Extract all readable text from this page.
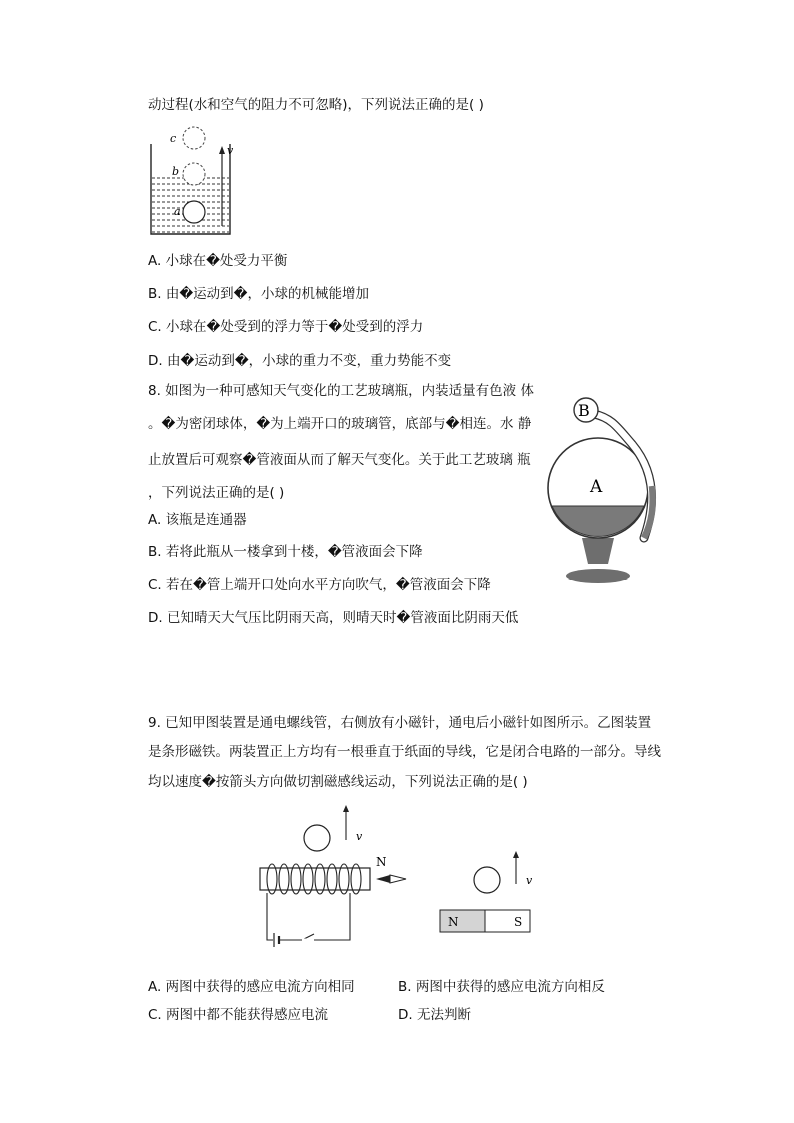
动过程(水和空气的阻力不可忽略)，下列说法正确的是( )
c
b
a
v
A. 小球在�处受力平衡
B. 由�运动到�，小球的机械能增加
C. 小球在�处受到的浮力等于�处受到的浮力
D. 由�运动到�，小球的重力不变，重力势能不变
8. 如图为一种可感知天气变化的工艺玻璃瓶，内装适量有色液 体
。�为密闭球体，�为上端开口的玻璃管，底部与�相连。水 静
止放置后可观察�管液面从而了解天气变化。关于此工艺玻璃 瓶
，下列说法正确的是( )
B
A
A. 该瓶是连通器
B. 若将此瓶从一楼拿到十楼，�管液面会下降
C. 若在�管上端开口处向水平方向吹气，�管液面会下降
D. 已知晴天大气压比阴雨天高，则晴天时�管液面比阴雨天低
9. 已知甲图装置是通电螺线管，右侧放有小磁针，通电后小磁针如图所示。乙图装置
是条形磁铁。两装置正上方均有一根垂直于纸面的导线，它是闭合电路的一部分。导线
均以速度�按箭头方向做切割磁感线运动，下列说法正确的是( )
v
N
v
N	S
A. 两图中获得的感应电流方向相同	B. 两图中获得的感应电流方向相反
C. 两图中都不能获得感应电流	D. 无法判断
